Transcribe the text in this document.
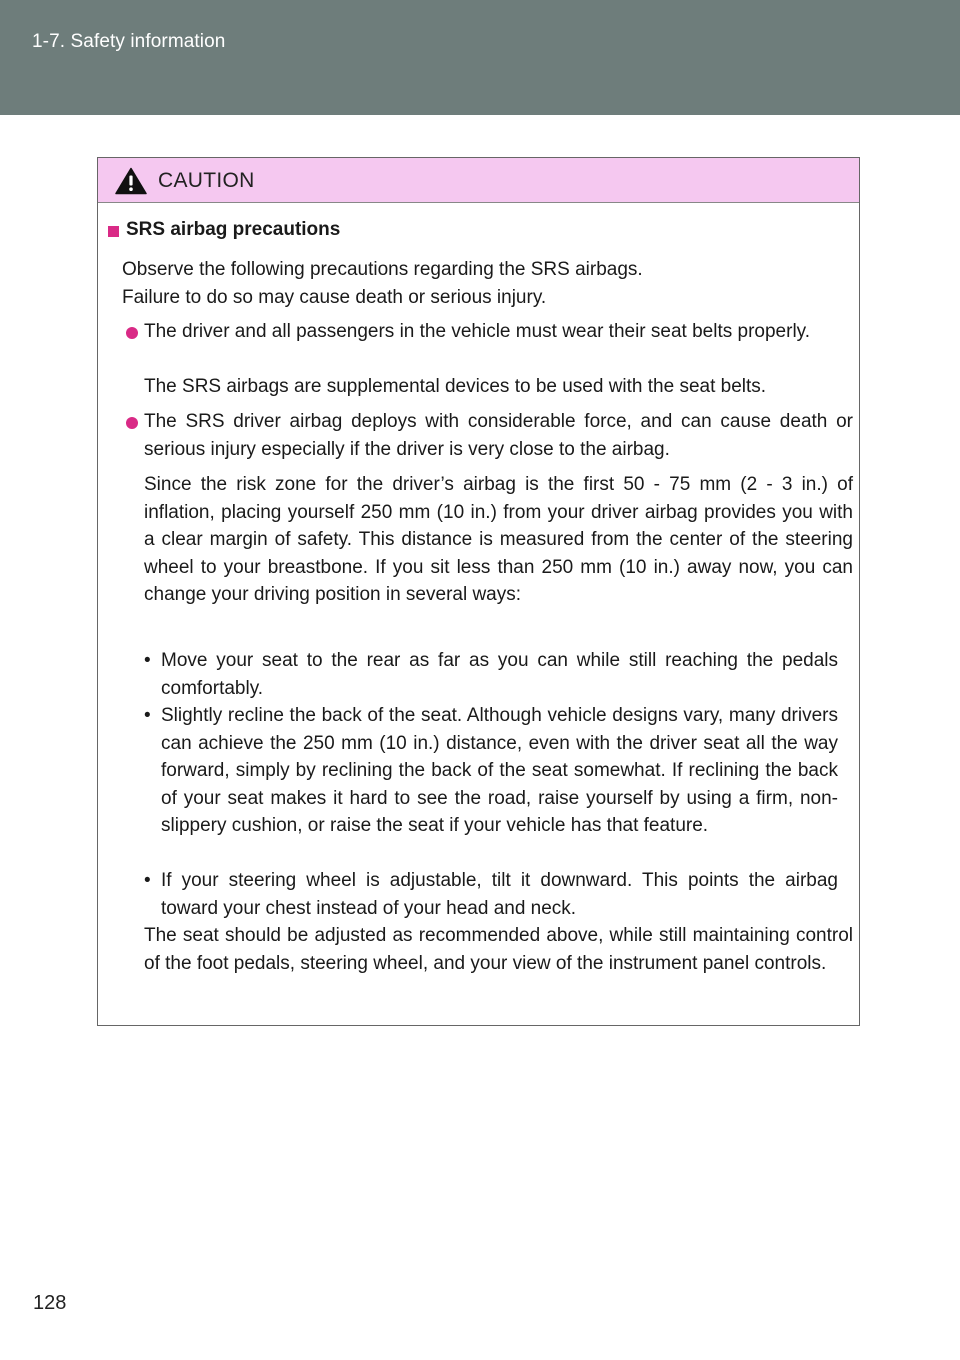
1-7. Safety information
CAUTION
SRS airbag precautions
Observe the following precautions regarding the SRS airbags.
Failure to do so may cause death or serious injury.
The driver and all passengers in the vehicle must wear their seat belts properly.
The SRS airbags are supplemental devices to be used with the seat belts.
The SRS driver airbag deploys with considerable force, and can cause death or serious injury especially if the driver is very close to the airbag.
Since the risk zone for the driver’s airbag is the first 50 - 75 mm (2 - 3 in.) of inflation, placing yourself 250 mm (10 in.) from your driver airbag provides you with a clear margin of safety. This distance is measured from the center of the steering wheel to your breastbone. If you sit less than 250 mm (10 in.) away now, you can change your driving position in several ways:
• Move your seat to the rear as far as you can while still reaching the pedals comfortably.
• Slightly recline the back of the seat. Although vehicle designs vary, many drivers can achieve the 250 mm (10 in.) distance, even with the driver seat all the way forward, simply by reclining the back of the seat somewhat. If reclining the back of your seat makes it hard to see the road, raise yourself by using a firm, non-slippery cushion, or raise the seat if your vehicle has that feature.
• If your steering wheel is adjustable, tilt it downward. This points the airbag toward your chest instead of your head and neck.
The seat should be adjusted as recommended above, while still maintaining control of the foot pedals, steering wheel, and your view of the instrument panel controls.
128
